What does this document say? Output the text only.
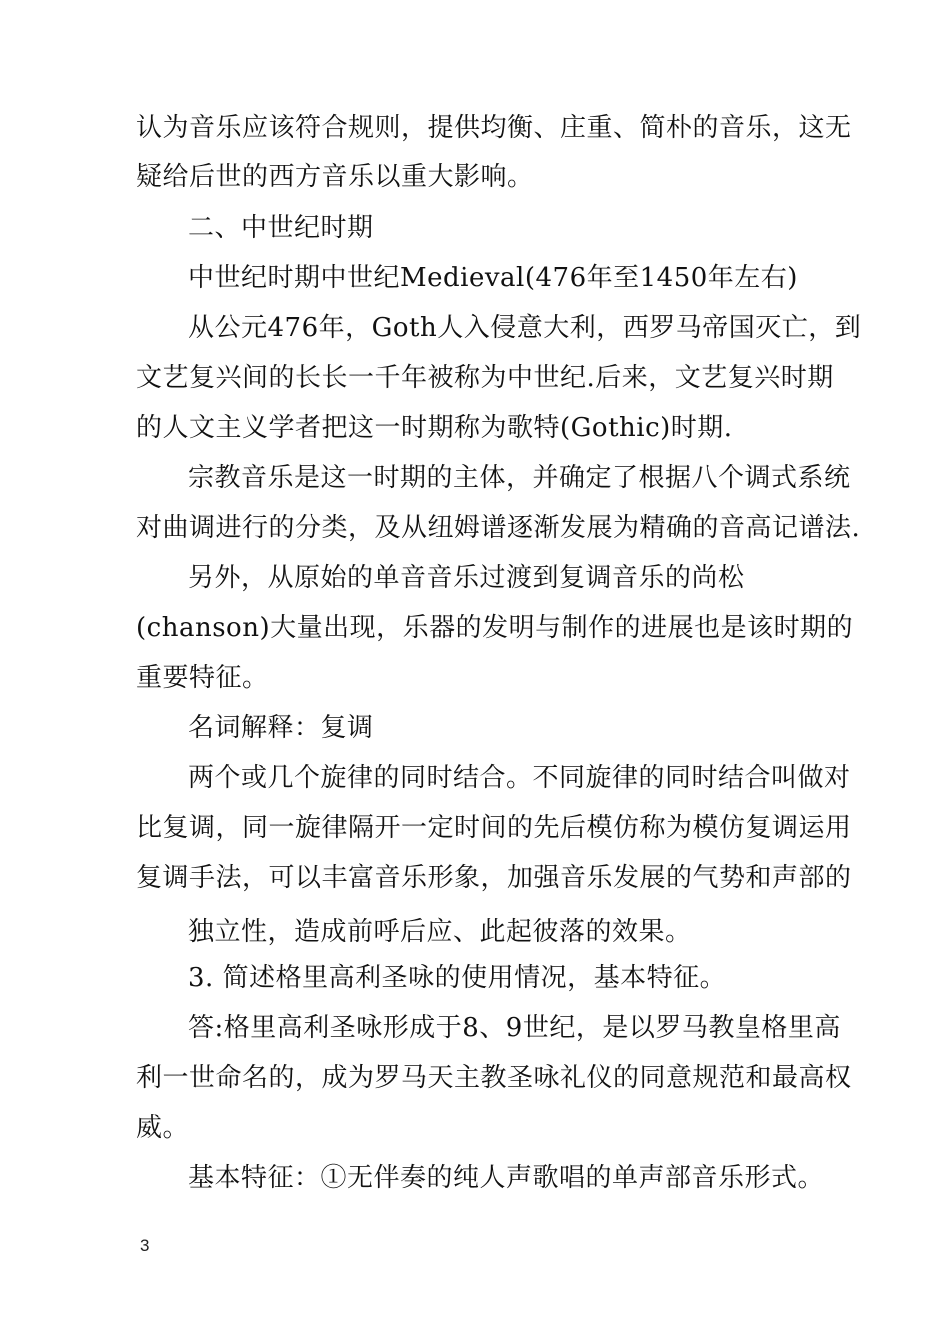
认为音乐应该符合规则，提供均衡、庄重、简朴的音乐，这无
疑给后世的西方音乐以重大影响。
二、中世纪时期
中世纪时期中世纪Medieval(476年至1450年左右)
从公元476年，Goth人入侵意大利，西罗马帝国灭亡，到
文艺复兴间的长长一千年被称为中世纪.后来，文艺复兴时期
的人文主义学者把这一时期称为歌特(Gothic)时期.
宗教音乐是这一时期的主体，并确定了根据八个调式系统
对曲调进行的分类，及从纽姆谱逐渐发展为精确的音高记谱法.
另外，从原始的单音音乐过渡到复调音乐的尚松
(chanson)大量出现，乐器的发明与制作的进展也是该时期的
重要特征。
名词解释：复调
两个或几个旋律的同时结合。不同旋律的同时结合叫做对
比复调，同一旋律隔开一定时间的先后模仿称为模仿复调运用
复调手法，可以丰富音乐形象，加强音乐发展的气势和声部的
独立性，造成前呼后应、此起彼落的效果。
3. 简述格里高利圣咏的使用情况，基本特征。
答:格里高利圣咏形成于8、9世纪，是以罗马教皇格里高
利一世命名的，成为罗马天主教圣咏礼仪的同意规范和最高权
威。
基本特征：①无伴奏的纯人声歌唱的单声部音乐形式。
3
